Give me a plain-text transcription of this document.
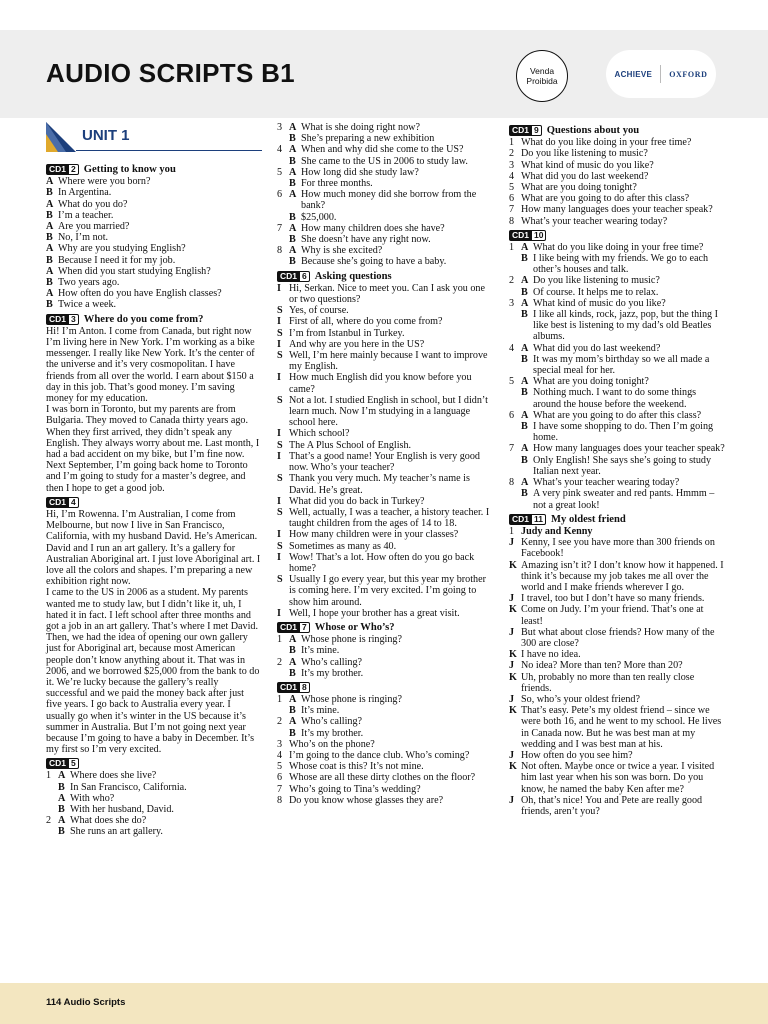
AUDIO SCRIPTS B1	Venda
Proibida
ACHIEVE OXFORD
UNIT 1
CD1 2 Getting to know you
A Where were you born?
B In Argentina.
A What do you do?
B I’m a teacher.
A Are you married?
B No, I’m not.
A Why are you studying English?
B Because I need it for my job.
A When did you start studying English?
B Two years ago.
A How often do you have English classes?
B Twice a week.
CD1 3 Where do you come from?

Hi! I’m Anton. I come from Canada, but right now I’m living here in New York. I’m working as a bike messenger. I really like New York. It’s the center of the universe and it’s very cosmopolitan. I have friends from all over the world. I earn about $150 a day in this job. That’s good money. I’m saving money for my education.

I was born in Toronto, but my parents are from Bulgaria. They moved to Canada thirty years ago. When they first arrived, they didn’t speak any English. They always worry about me. Last month, I had a bad accident on my bike, but I’m fine now.

Next September, I’m going back home to Toronto and I’m going to study for a master’s degree, and then I hope to get a good job.

CD1 4

Hi, I’m Rowenna. I’m Australian, I come from Melbourne, but now I live in San Francisco, California, with my husband David. He’s American. David and I run an art gallery. It’s a gallery for Australian Aboriginal art. I just love Aboriginal art. I love all the colors and shapes. I’m preparing a new exhibition right now.

I came to the US in 2006 as a student. My parents wanted me to study law, but I didn’t like it, uh, I hated it in fact. I left school after three months and got a job in an art gallery. That’s where I met David. Then, we had the idea of opening our own gallery just for Aboriginal art, because most American people don’t know anything about it. That was in 2006, and we borrowed $25,000 from the bank to do it. We’re lucky because the gallery’s really successful and we paid the money back after just five years. I go back to Australia every year. I usually go when it’s winter in the US because it’s summer in Australia. But I’m not going next year because I’m going to have a baby in December. It’s my first so I’m very excited.

CD1 5
1 A Where does she live?
B In San Francisco, California.
A With who?
B With her husband, David.
2 A What does she do?
B She runs an art gallery.
3 A What is she doing right now?
B She’s preparing a new exhibition
4 A When and why did she come to the US?
B She came to the US in 2006 to study law.
5 A How long did she study law?
B For three months.
6 A How much money did she borrow from the bank?
B $25,000.
7 A How many children does she have?
B She doesn’t have any right now.
8 A Why is she excited?
B Because she’s going to have a baby.
CD1 6 Asking questions
I Hi, Serkan. Nice to meet you. Can I ask you one or two questions?
S Yes, of course.
I First of all, where do you come from?
S I’m from Istanbul in Turkey.
I And why are you here in the US?
S Well, I’m here mainly because I want to improve my English.
I How much English did you know before you came?
S Not a lot. I studied English in school, but I didn’t learn much. Now I’m studying in a language school here.
I Which school?
S The A Plus School of English.
I That’s a good name! Your English is very good now. Who’s your teacher?
S Thank you very much. My teacher’s name is David. He’s great.
I What did you do back in Turkey?
S Well, actually, I was a teacher, a history teacher. I taught children from the ages of 14 to 18.
I How many children were in your classes?
S Sometimes as many as 40.
I Wow! That’s a lot. How often do you go back home?
S Usually I go every year, but this year my brother is coming here. I’m very excited. I’m going to show him around.
I Well, I hope your brother has a great visit.
CD1 7 Whose or Who’s?
1 A Whose phone is ringing?
B It’s mine.
2 A Who’s calling?
B It’s my brother.
CD1 8
1 A Whose phone is ringing?
B It’s mine.
2 A Who’s calling?
B It’s my brother.
3 Who’s on the phone?
4 I’m going to the dance club. Who’s coming?
5 Whose coat is this? It’s not mine.
6 Whose are all these dirty clothes on the floor?
7 Who’s going to Tina’s wedding?
8 Do you know whose glasses they are?
CD1 9 Questions about you
1 What do you like doing in your free time?
2 Do you like listening to music?
3 What kind of music do you like?
4 What did you do last weekend?
5 What are you doing tonight?
6 What are you going to do after this class?
7 How many languages does your teacher speak?
8 What’s your teacher wearing today?
CD1 10
1 A What do you like doing in your free time?
B I like being with my friends. We go to each other’s houses and talk.
2 A Do you like listening to music?
B Of course. It helps me to relax.
3 A What kind of music do you like?
B I like all kinds, rock, jazz, pop, but the thing I like best is listening to my dad’s old Beatles albums.
4 A What did you do last weekend?
B It was my mom’s birthday so we all made a special meal for her.
5 A What are you doing tonight?
B Nothing much. I want to do some things around the house before the weekend.
6 A What are you going to do after this class?
B I have some shopping to do. Then I’m going home.
7 A How many languages does your teacher speak?
B Only English! She says she’s going to study Italian next year.
8 A What’s your teacher wearing today?
B A very pink sweater and red pants. Hmmm – not a great look!
CD1 11 My oldest friend
1 Judy and Kenny
J Kenny, I see you have more than 300 friends on Facebook!
K Amazing isn’t it? I don’t know how it happened. I think it’s because my job takes me all over the world and I make friends wherever I go.
J I travel, too but I don’t have so many friends.
K Come on Judy. I’m your friend. That’s one at least!
J But what about close friends? How many of the 300 are close?
K I have no idea.
J No idea? More than ten? More than 20?
K Uh, probably no more than ten really close friends.
J So, who’s your oldest friend?
K That’s easy. Pete’s my oldest friend – since we were both 16, and he went to my school. He lives in Canada now. But he was best man at my wedding and I was best man at his.
J How often do you see him?
K Not often. Maybe once or twice a year. I visited him last year when his son was born. Do you know, he named the baby Ken after me?
J Oh, that’s nice! You and Pete are really good friends, aren’t you?
114 Audio Scripts
